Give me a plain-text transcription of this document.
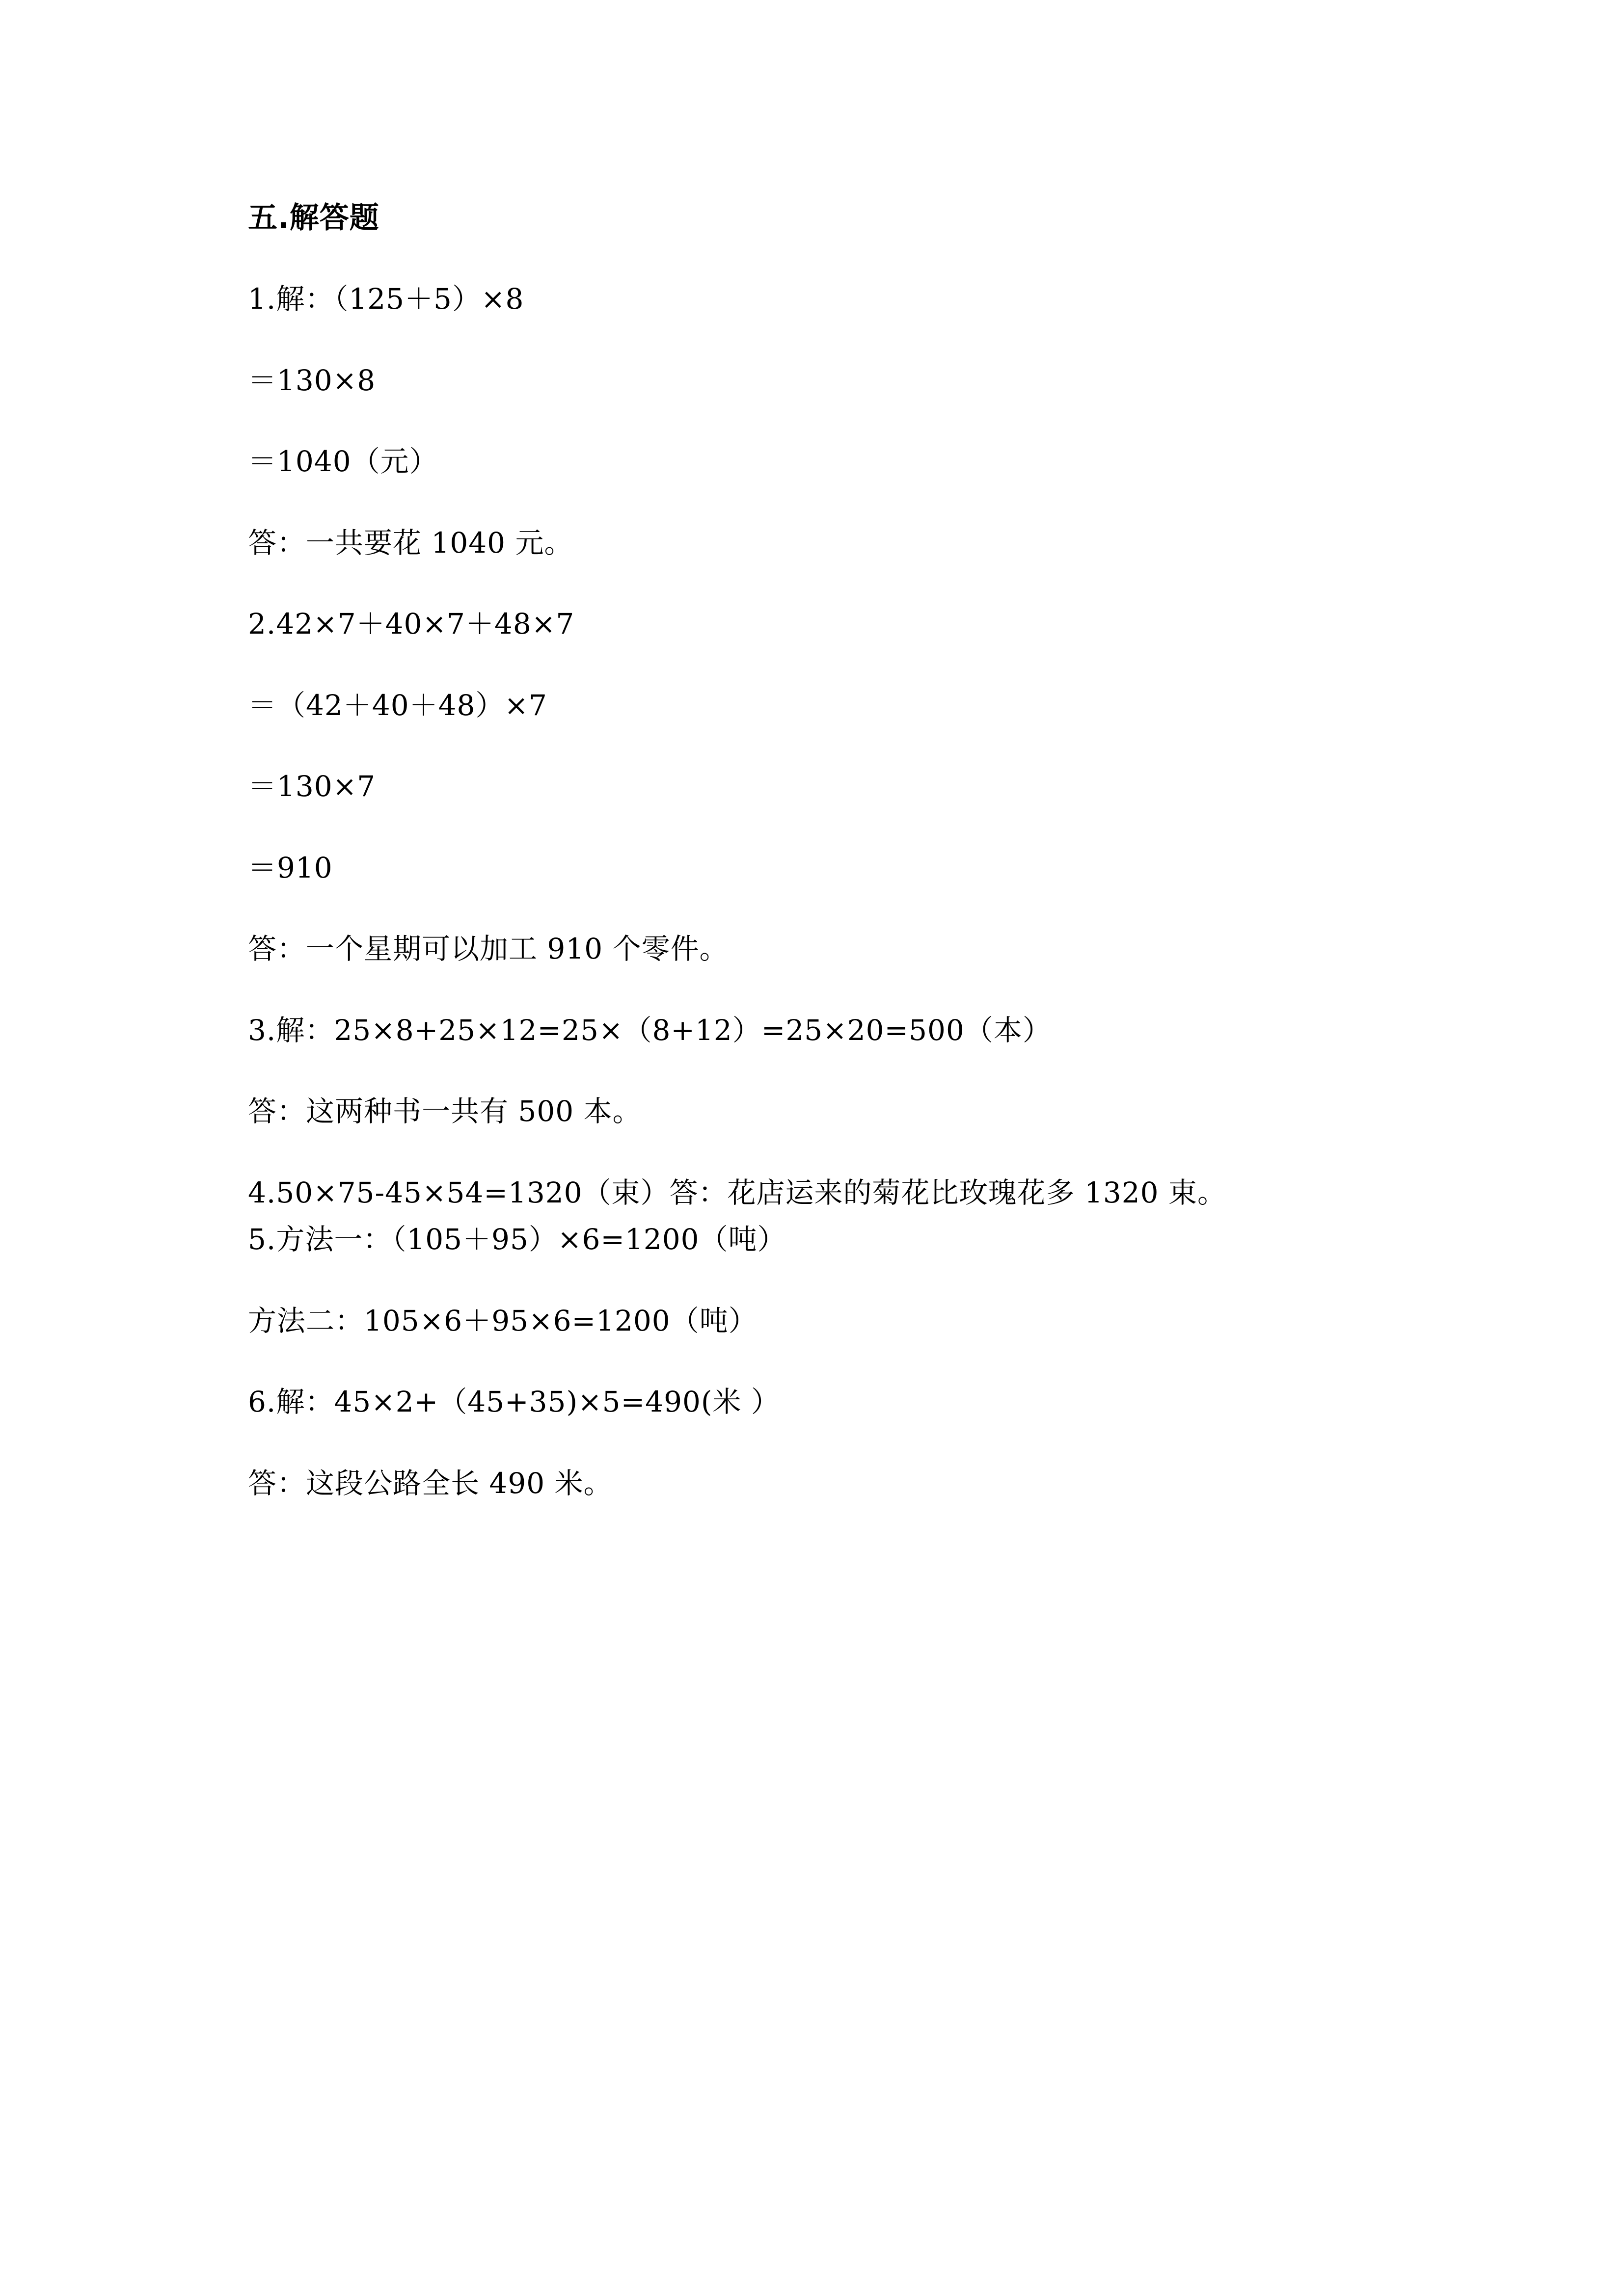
五.解答题
1.解：（125＋5）×8
＝130×8
＝1040（元）
答：一共要花 1040 元。
2.42×7＋40×7＋48×7
＝（42＋40＋48）×7
＝130×7
＝910
答：一个星期可以加工 910 个零件。
3.解：25×8+25×12=25×（8+12）=25×20=500（本）
答：这两种书一共有 500 本。
4.50×75-45×54=1320（束）答：花店运来的菊花比玫瑰花多 1320 束。
5.方法一：（105＋95）×6=1200（吨）
方法二：105×6＋95×6=1200（吨）
6.解：45×2+（45+35)×5=490(米 ）
答：这段公路全长 490 米。
